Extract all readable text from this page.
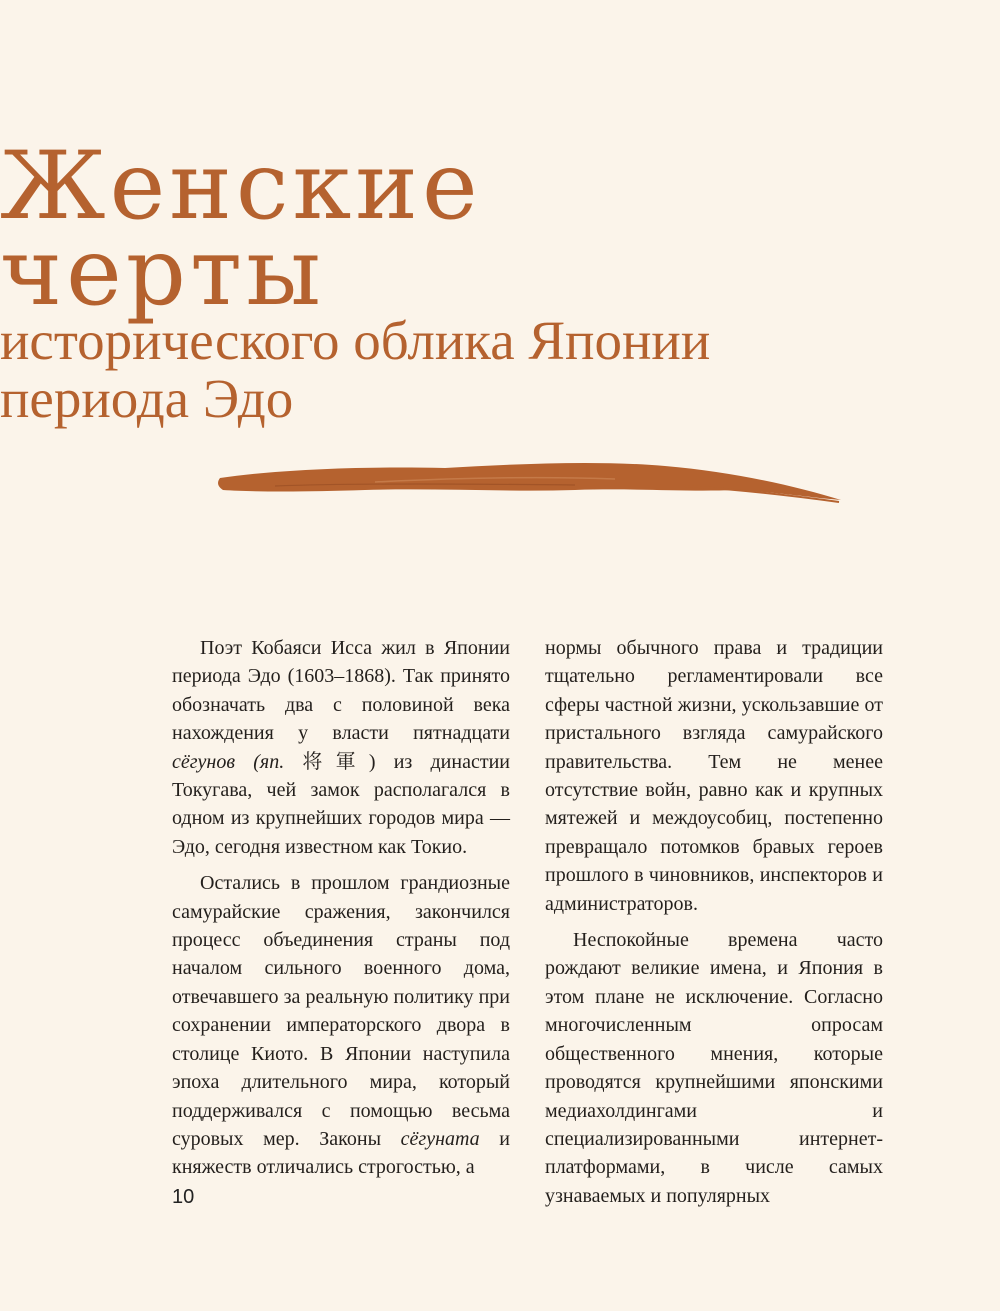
Женские
черты
исторического облика Японии
периода Эдо

Поэт Кобаяси Исса жил в Японии периода Эдо (1603–1868). Так принято обозначать два с половиной века нахождения у власти пятнадцати сёгунов (яп. 将軍) из династии Токугава, чей замок располагался в одном из крупнейших городов мира — Эдо, сегодня известном как Токио.

Остались в прошлом грандиозные самурайские сражения, закончился процесс объединения страны под началом сильного военного дома, отвечавшего за реальную политику при сохранении императорского двора в столице Киото. В Японии наступила эпоха длительного мира, который поддерживался с помощью весьма суровых мер. Законы сёгуната и княжеств отличались строгостью, а

нормы обычного права и традиции тщательно регламентировали все сферы частной жизни, ускользавшие от пристального взгляда самурайского правительства. Тем не менее отсутствие войн, равно как и крупных мятежей и междоусобиц, постепенно превращало потомков бравых героев прошлого в чиновников, инспекторов и администраторов.

Неспокойные времена часто рождают великие имена, и Япония в этом плане не исключение. Согласно многочисленным опросам общественного мнения, которые проводятся крупнейшими японскими медиахолдингами и специализированными интернет-платформами, в числе самых узнаваемых и популярных

10
